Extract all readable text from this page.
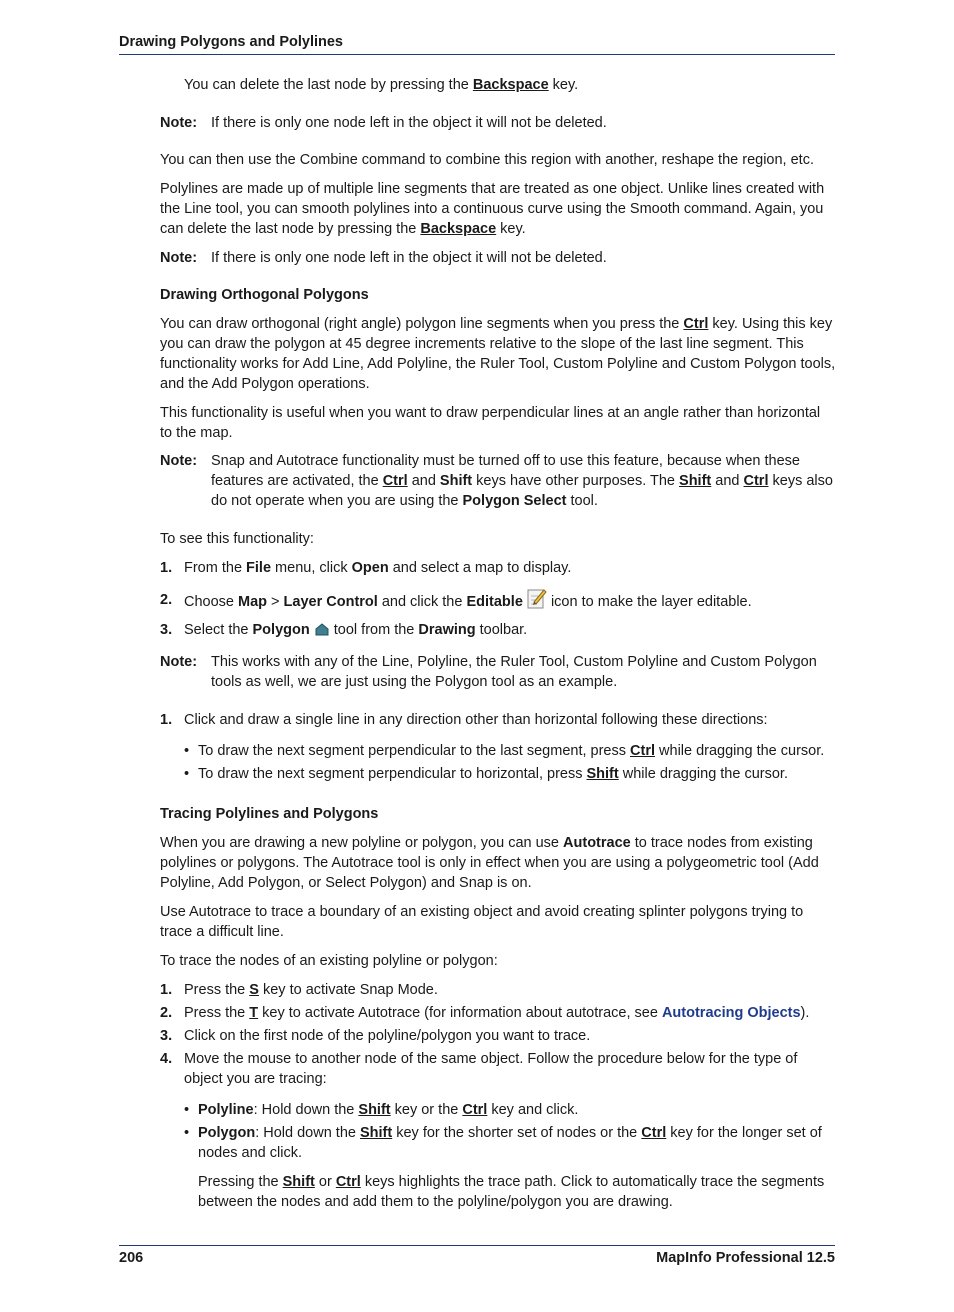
Drawing Polygons and Polylines

You can delete the last node by pressing the Backspace key.

Note: If there is only one node left in the object it will not be deleted.

You can then use the Combine command to combine this region with another, reshape the region, etc.

Polylines are made up of multiple line segments that are treated as one object. Unlike lines created with the Line tool, you can smooth polylines into a continuous curve using the Smooth command. Again, you can delete the last node by pressing the Backspace key.

Note: If there is only one node left in the object it will not be deleted.

Drawing Orthogonal Polygons

You can draw orthogonal (right angle) polygon line segments when you press the Ctrl key. Using this key you can draw the polygon at 45 degree increments relative to the slope of the last line segment. This functionality works for Add Line, Add Polyline, the Ruler Tool, Custom Polyline and Custom Polygon tools, and the Add Polygon operations.

This functionality is useful when you want to draw perpendicular lines at an angle rather than horizontal to the map.

Note: Snap and Autotrace functionality must be turned off to use this feature, because when these features are activated, the Ctrl and Shift keys have other purposes. The Shift and Ctrl keys also do not operate when you are using the Polygon Select tool.

To see this functionality:

1. From the File menu, click Open and select a map to display.
2. Choose Map > Layer Control and click the Editable  icon to make the layer editable.
3. Select the Polygon  tool from the Drawing toolbar.
Note: This works with any of the Line, Polyline, the Ruler Tool, Custom Polyline and Custom Polygon tools as well, we are just using the Polygon tool as an example.
1. Click and draw a single line in any direction other than horizontal following these directions:
• To draw the next segment perpendicular to the last segment, press Ctrl while dragging the cursor.
• To draw the next segment perpendicular to horizontal, press Shift while dragging the cursor.

Tracing Polylines and Polygons

When you are drawing a new polyline or polygon, you can use Autotrace to trace nodes from existing polylines or polygons. The Autotrace tool is only in effect when you are using a polygeometric tool (Add Polyline, Add Polygon, or Select Polygon) and Snap is on.

Use Autotrace to trace a boundary of an existing object and avoid creating splinter polygons trying to trace a difficult line.

To trace the nodes of an existing polyline or polygon:

1. Press the S key to activate Snap Mode.
2. Press the T key to activate Autotrace (for information about autotrace, see Autotracing Objects).
3. Click on the first node of the polyline/polygon you want to trace.
4. Move the mouse to another node of the same object. Follow the procedure below for the type of object you are tracing:
• Polyline: Hold down the Shift key or the Ctrl key and click.
• Polygon: Hold down the Shift key for the shorter set of nodes or the Ctrl key for the longer set of nodes and click.

Pressing the Shift or Ctrl keys highlights the trace path. Click to automatically trace the segments between the nodes and add them to the polyline/polygon you are drawing.

206	MapInfo Professional 12.5
